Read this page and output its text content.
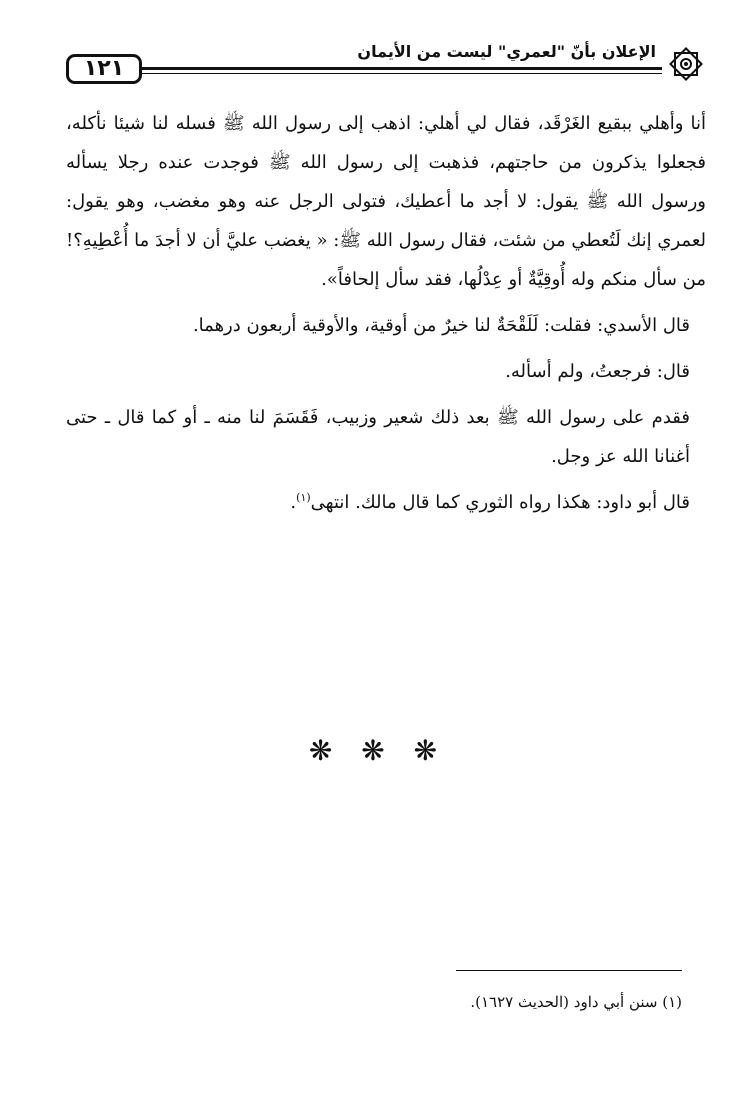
١٢١
الإعلان بأنّ "لعمري" ليست من الأيمان

أنا وأهلي ببقيع الغَرْقَد، فقال لي أهلي: اذهب إلى رسول الله ﷺ فسله لنا شيئا نأكله، فجعلوا يذكرون من حاجتهم، فذهبت إلى رسول الله ﷺ فوجدت عنده رجلا يسأله ورسول الله ﷺ يقول: لا أجد ما أعطيك، فتولى الرجل عنه وهو مغضب، وهو يقول: لعمري إنك لَتُعطي من شئت، فقال رسول الله ﷺ: « يغضب عليَّ أن لا أجدَ ما أُعْطِيهِ؟! من سأل منكم وله أُوقِيَّةٌ أو عِدْلُها، فقد سأل إلحافاً».

قال الأسدي: فقلت: لَلَقْحَةٌ لنا خيرٌ من أوقية، والأوقية أربعون درهما.

قال: فرجعتُ، ولم أسأله.

فقدم على رسول الله ﷺ بعد ذلك شعير وزبيب، فَقَسَمَ لنا منه ـ أو كما قال ـ حتى أغنانا الله عز وجل.

قال أبو داود: هكذا رواه الثوري كما قال مالك. انتهى$^{(١)}$.

❋ ❋ ❋
(١) سنن أبي داود (الحديث ١٦٢٧).
